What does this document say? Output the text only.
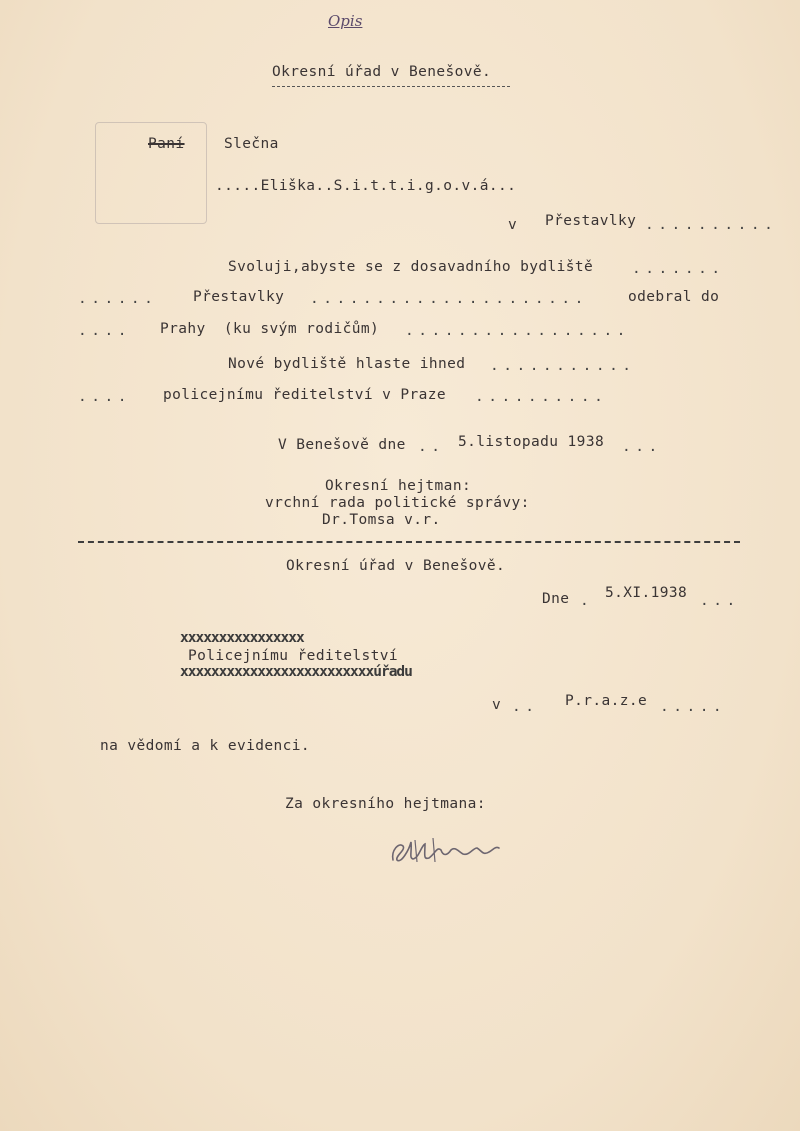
Opis
Okresní úřad v Benešově.
Paní	Slečna
.....Eliška..S.i.t.t.i.g.o.v.á...
v Přestavlky ..........
Svoluji,abyste se z dosavadního bydliště	.......
...... Přestavlky .....................	odebral do
.... Prahy  (ku svým rodičům) .................
Nové bydliště hlaste ihned ...........
.... policejnímu ředitelství v Praze ..........
V Benešově dne .. 5.listopadu 1938 ...
Okresní hejtman:
vrchní rada politické správy:
Dr.Tomsa v.r.
Okresní úřad v Benešově.
Dne . 5.XI.1938 ...
xxxxxxxxxxxxxxxx
Policejnímu ředitelství
xxxxxxxxxxxxxxxxxxxxxxxxxúřadu
v .. P.r.a.z.e .....
na vědomí a k evidenci.
Za okresního hejtmana:
